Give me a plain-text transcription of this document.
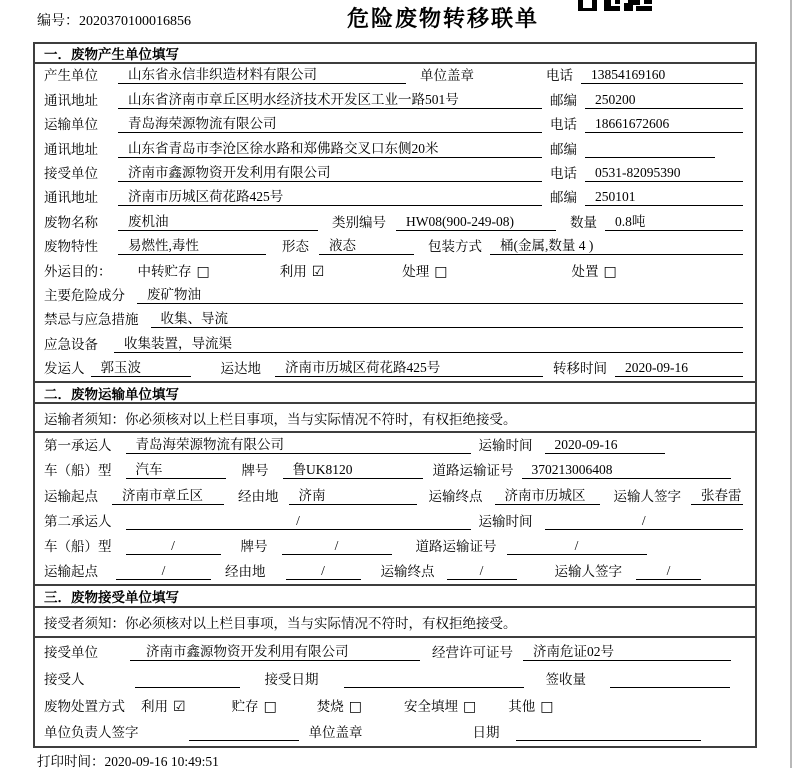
编号：2020370100016856	危险废物转移联单
一．废物产生单位填写
产生单位	山东省永信非织造材料有限公司	单位盖章	电话	13854169160
通讯地址	山东省济南市章丘区明水经济技术开发区工业一路501号	邮编	250200
运输单位	青岛海荣源物流有限公司	电话	18661672606
通讯地址	山东省青岛市李沧区徐水路和郑佛路交叉口东侧20米	邮编
接受单位	济南市鑫源物资开发利用有限公司	电话	0531-82095390
通讯地址	济南市历城区荷花路425号	邮编	250101
废物名称	废机油	类别编号	HW08(900-249-08)	数量	0.8吨
废物特性	易燃性,毒性	形态	液态	包装方式	桶(金属,数量 4 )
外运目的： 中转贮存 □	利用 ☑	处理 □	处置 □
主要危险成分	废矿物油
禁忌与应急措施	收集、导流
应急设备	收集装置，导流渠
发运人	郭玉波	运达地	济南市历城区荷花路425号	转移时间	2020-09-16
二．废物运输单位填写
运输者须知：你必须核对以上栏目事项，当与实际情况不符时，有权拒绝接受。
第一承运人	青岛海荣源物流有限公司	运输时间	2020-09-16
车（船）型	汽车	牌号	鲁UK8120	道路运输证号	370213006408
运输起点	济南市章丘区	经由地	济南	运输终点	济南市历城区	运输人签字	张春雷
第二承运人	/	运输时间	/
车（船）型	/	牌号	/	道路运输证号	/
运输起点	/	经由地	/	运输终点	/	运输人签字	/
三．废物接受单位填写
接受者须知：你必须核对以上栏目事项，当与实际情况不符时，有权拒绝接受。
接受单位	济南市鑫源物资开发利用有限公司	经营许可证号	济南危证02号
接受人	接受日期	签收量
废物处置方式 利用 ☑	贮存 □	焚烧 □	安全填埋 □ 其他 □
单位负责人签字	单位盖章	日期
打印时间：2020-09-16 10:49:51
